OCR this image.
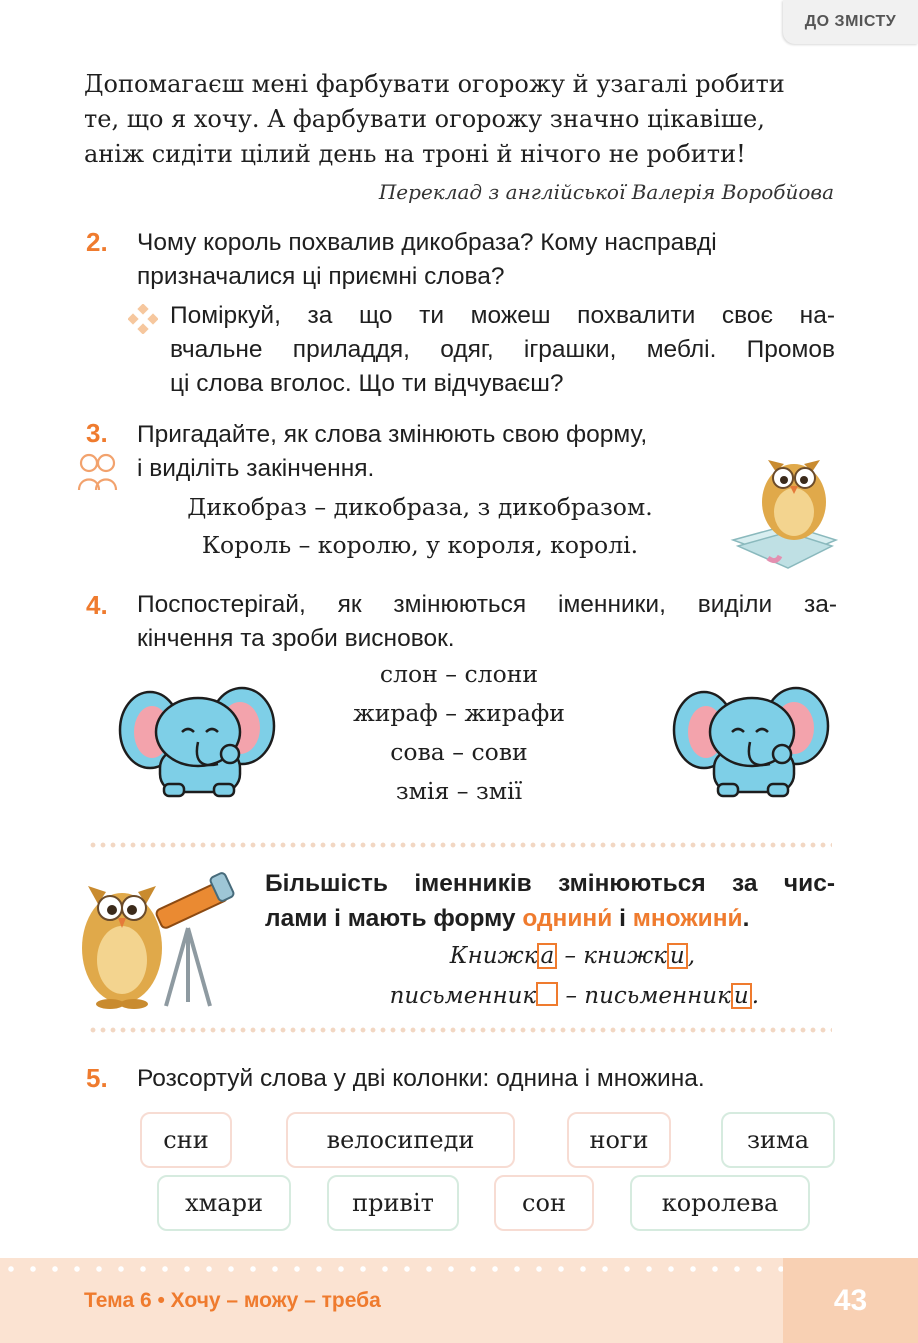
ДО ЗМІСТУ
Допомагаєш мені фарбувати огорожу й узагалі робити
те, що я хочу. А фарбувати огорожу значно цікавіше,
аніж сидіти цілий день на троні й нічого не робити!
Переклад з англійської Валерія Воробйова
2. Чому король похвалив дикобраза? Кому насправді
призначалися ці приємні слова?
Поміркуй, за що ти можеш похвалити своє на-
вчальне приладдя, одяг, іграшки, меблі. Промов
ці слова вголос. Що ти відчуваєш?
3. Пригадайте, як слова змінюють свою форму,
і виділіть закінчення.
Дикобраз – дикобраза, з дикобразом.
Король – королю, у короля, королі.
4. Поспостерігай, як змінюються іменники, виділи за-
кінчення та зроби висновок.
слон – слони
жираф – жирафи
сова – сови
змія – змії
Більшість іменників змінюються за чис-
лами і мають форму однини́ і множини́.
Книжк а – книжк и ,
письменник – письменник и .
5. Розсортуй слова у дві колонки: однина і множина.
сни	велосипеди	ноги	зима
хмари	привіт	сон	королева
Тема 6 • Хочу – можу – треба	43
